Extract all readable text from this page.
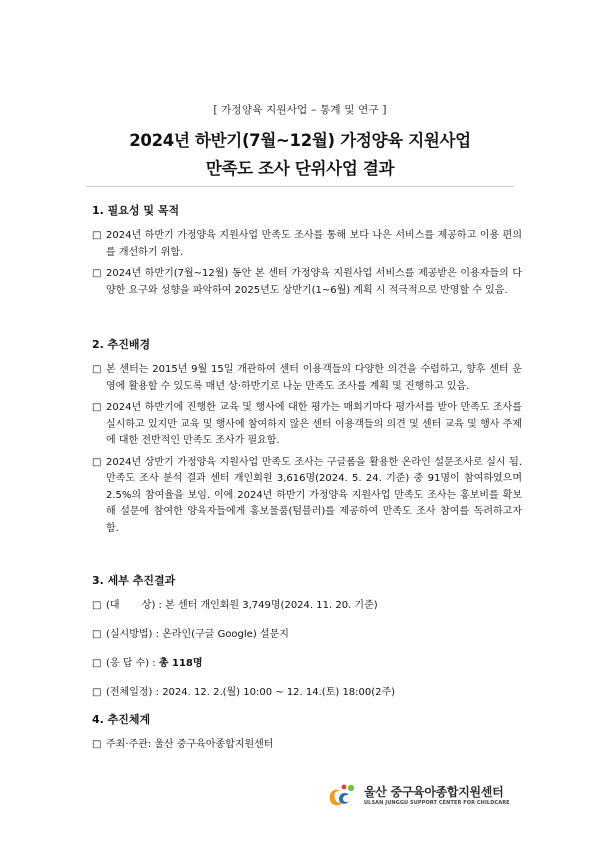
[ 가정양육 지원사업 – 통계 및 연구 ]
2024년 하반기(7월~12월) 가정양육 지원사업
만족도 조사 단위사업 결과
1. 필요성 및 목적
□ 2024년 하반기 가정양육 지원사업 만족도 조사를 통해 보다 나은 서비스를 제공하고 이용 편의를 개선하기 위함.
□ 2024년 하반기(7월~12월) 동안 본 센터 가정양육 지원사업 서비스를 제공받은 이용자들의 다양한 요구와 성향을 파악하여 2025년도 상반기(1~6월) 계획 시 적극적으로 반영할 수 있음.
2. 추진배경
□ 본 센터는 2015년 9월 15일 개관하여 센터 이용객들의 다양한 의견을 수렴하고, 향후 센터 운영에 활용할 수 있도록 매년 상·하반기로 나눈 만족도 조사를 계획 및 진행하고 있음.
□ 2024년 하반기에 진행한 교육 및 행사에 대한 평가는 매회기마다 평가서를 받아 만족도 조사를 실시하고 있지만 교육 및 행사에 참여하지 않은 센터 이용객들의 의견 및 센터 교육 및 행사 주제에 대한 전반적인 만족도 조사가 필요함.
□ 2024년 상반기 가정양육 지원사업 만족도 조사는 구글폼을 활용한 온라인 설문조사로 실시 됨. 만족도 조사 분석 결과 센터 개인회원 3,616명(2024. 5. 24. 기준) 중 91명이 참여하였으며 2.5%의 참여율을 보임. 이에 2024년 하반기 가정양육 지원사업 만족도 조사는 홍보비를 확보해 설문에 참여한 양육자들에게 홍보물품(텀블러)를 제공하여 만족도 조사 참여를 독려하고자 함.
3. 세부 추진결과
□ (대       상) : 본 센터 개인회원 3,749명(2024. 11. 20. 기준)
□ (실시방법) : 온라인(구글 Google) 설문지
□ (응 답 수) : 총 118명
□ (전체일정) : 2024. 12. 2.(월) 10:00 ~ 12. 14.(토) 18:00(2주)
4. 추진체계
□ 주최·주관: 울산 중구육아종합지원센터
울산 중구육아종합지원센터
ULSAN JUNGGU SUPPORT CENTER FOR CHILDCARE
